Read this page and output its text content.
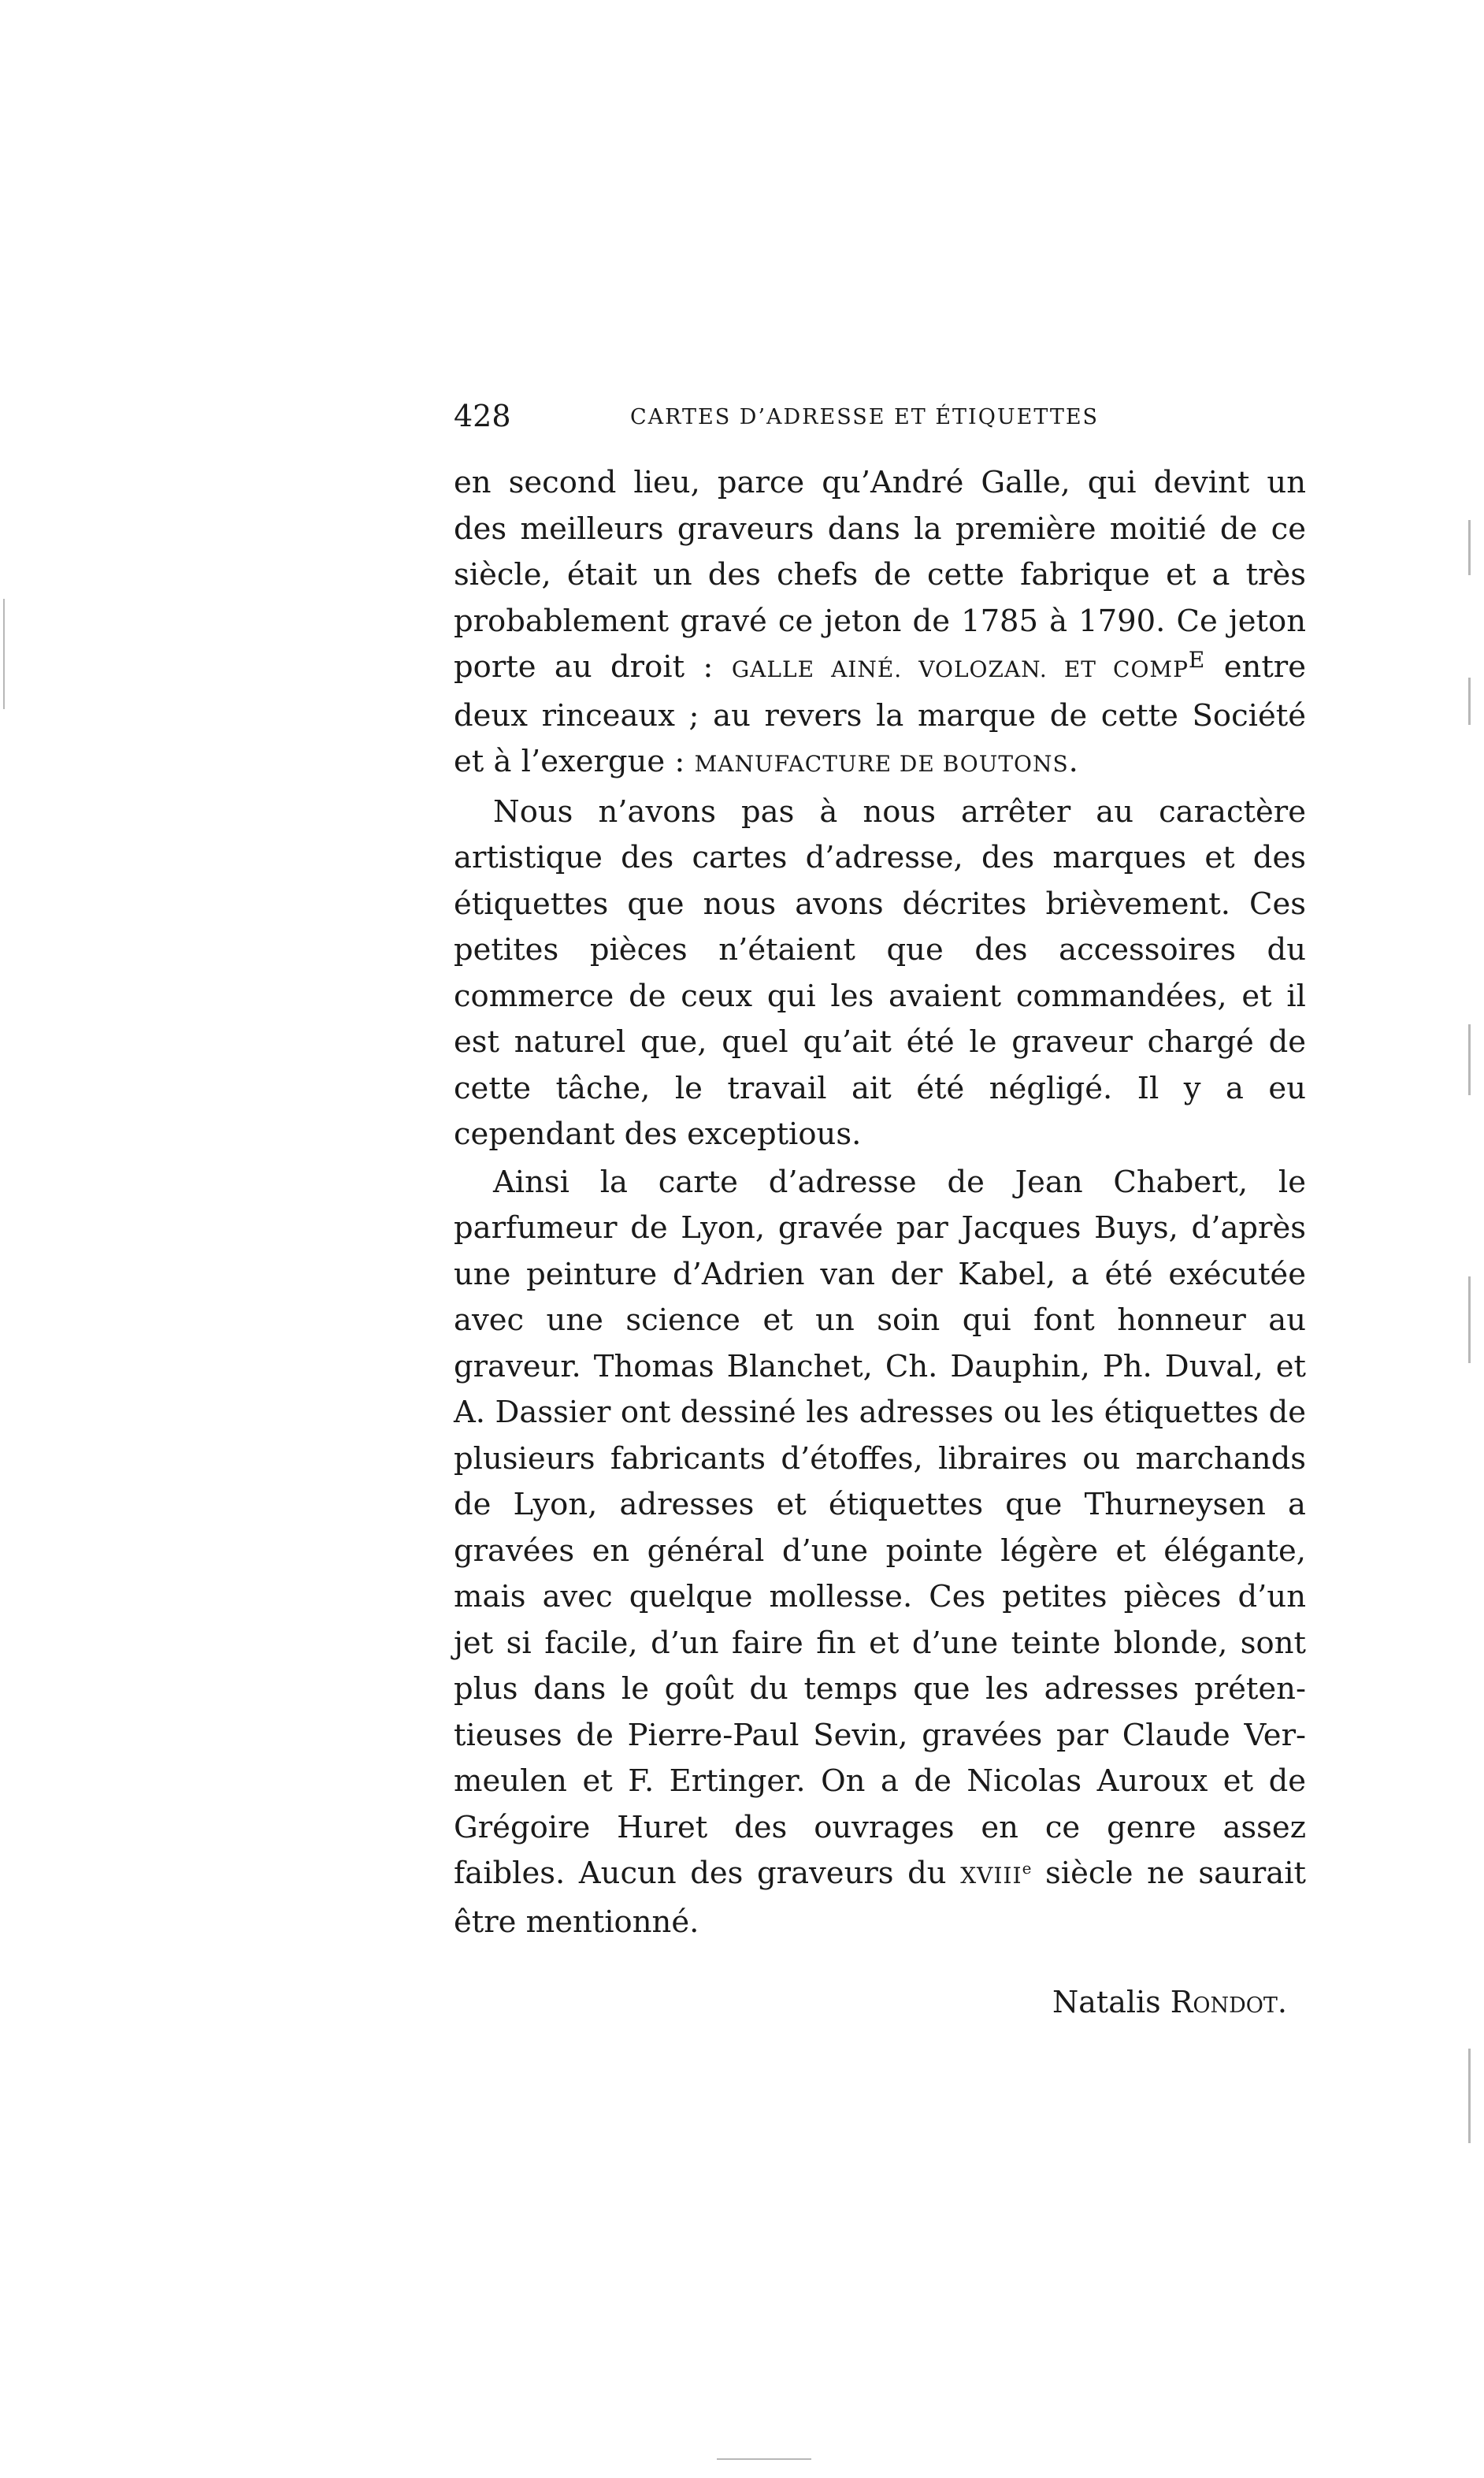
428	CARTES D’ADRESSE ET ÉTIQUETTES

en second lieu, parce qu’André Galle, qui devint un des meilleurs graveurs dans la première moitié de ce siècle, était un des chefs de cette fabrique et a très probablement gravé ce jeton de 1785 à 1790. Ce jeton porte au droit : GALLE AINÉ. VOLOZAN. ET $COMP^E$ entre deux rinceaux ; au revers la marque de cette Société et à l’exergue : MANUFACTURE DE BOUTONS.

Nous n’avons pas à nous arrêter au caractère artistique des cartes d’adresse, des marques et des étiquettes que nous avons décrites brièvement. Ces petites pièces n’étaient que des accessoires du commerce de ceux qui les avaient commandées, et il est naturel que, quel qu’ait été le graveur chargé de cette tâche, le travail ait été négligé. Il y a eu cependant des exceptious.

Ainsi la carte d’adresse de Jean Chabert, le parfumeur de Lyon, gravée par Jacques Buys, d’après une peinture d’Adrien van der Kabel, a été exécutée avec une science et un soin qui font honneur au graveur. Thomas Blanchet, Ch. Dauphin, Ph. Duval, et A. Dassier ont dessiné les adresses ou les étiquettes de plusieurs fabricants d’étoffes, libraires ou marchands de Lyon, adresses et étiquettes que Thurneysen a gravées en général d’une pointe légère et élégante, mais avec quelque mollesse. Ces petites pièces d’un jet si facile, d’un faire fin et d’une teinte blonde, sont plus dans le goût du temps que les adresses prétentieuses de Pierre-Paul Sevin, gravées par Claude Vermeulen et F. Ertinger. On a de Nicolas Auroux et de Grégoire Huret des ouvrages en ce genre assez faibles. Aucun des graveurs du XVIIIe siècle ne saurait être mentionné.

Natalis Rondot.
